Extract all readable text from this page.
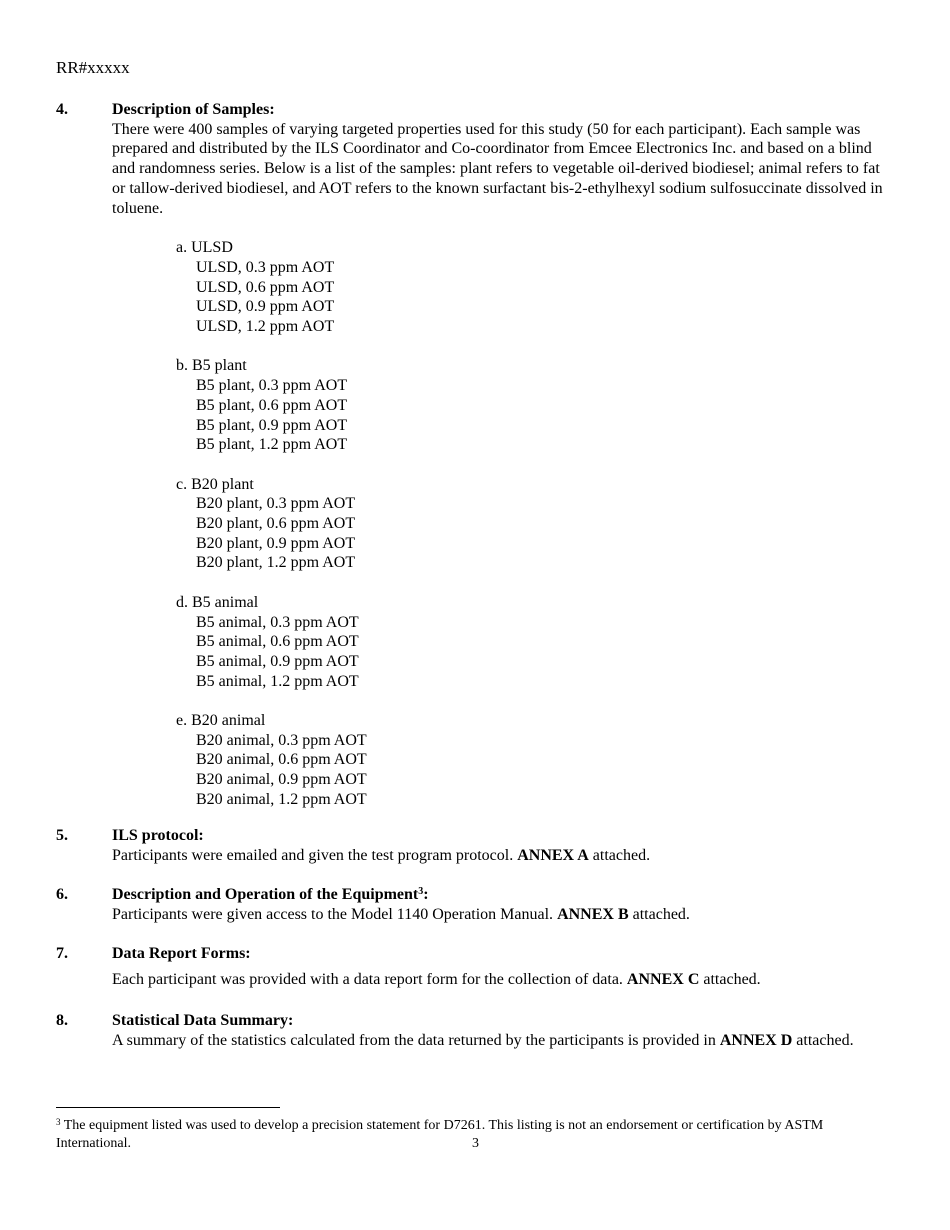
RR#xxxxx
4.	Description of Samples:
There were 400 samples of varying targeted properties used for this study (50 for each participant). Each sample was prepared and distributed by the ILS Coordinator and Co-coordinator from Emcee Electronics Inc. and based on a blind and randomness series. Below is a list of the samples: plant refers to vegetable oil-derived biodiesel; animal refers to fat or tallow-derived biodiesel, and AOT refers to the known surfactant bis-2-ethylhexyl sodium sulfosuccinate dissolved in toluene.
a. ULSD
ULSD, 0.3 ppm AOT
ULSD, 0.6 ppm AOT
ULSD, 0.9 ppm AOT
ULSD, 1.2 ppm AOT
b. B5 plant
B5 plant, 0.3 ppm AOT
B5 plant, 0.6 ppm AOT
B5 plant, 0.9 ppm AOT
B5 plant, 1.2 ppm AOT
c. B20 plant
B20 plant, 0.3 ppm AOT
B20 plant, 0.6 ppm AOT
B20 plant, 0.9 ppm AOT
B20 plant, 1.2 ppm AOT
d. B5 animal
B5 animal, 0.3 ppm AOT
B5 animal, 0.6 ppm AOT
B5 animal, 0.9 ppm AOT
B5 animal, 1.2 ppm AOT
e. B20 animal
B20 animal, 0.3 ppm AOT
B20 animal, 0.6 ppm AOT
B20 animal, 0.9 ppm AOT
B20 animal, 1.2 ppm AOT
5.	ILS protocol:
Participants were emailed and given the test program protocol. ANNEX A attached.
6.	Description and Operation of the Equipment$^3$:
Participants were given access to the Model 1140 Operation Manual. ANNEX B attached.
7.	Data Report Forms:
Each participant was provided with a data report form for the collection of data. ANNEX C attached.
8.	Statistical Data Summary:
A summary of the statistics calculated from the data returned by the participants is provided in ANNEX D attached.
$^3$ The equipment listed was used to develop a precision statement for D7261. This listing is not an endorsement or certification by ASTM International.	3
